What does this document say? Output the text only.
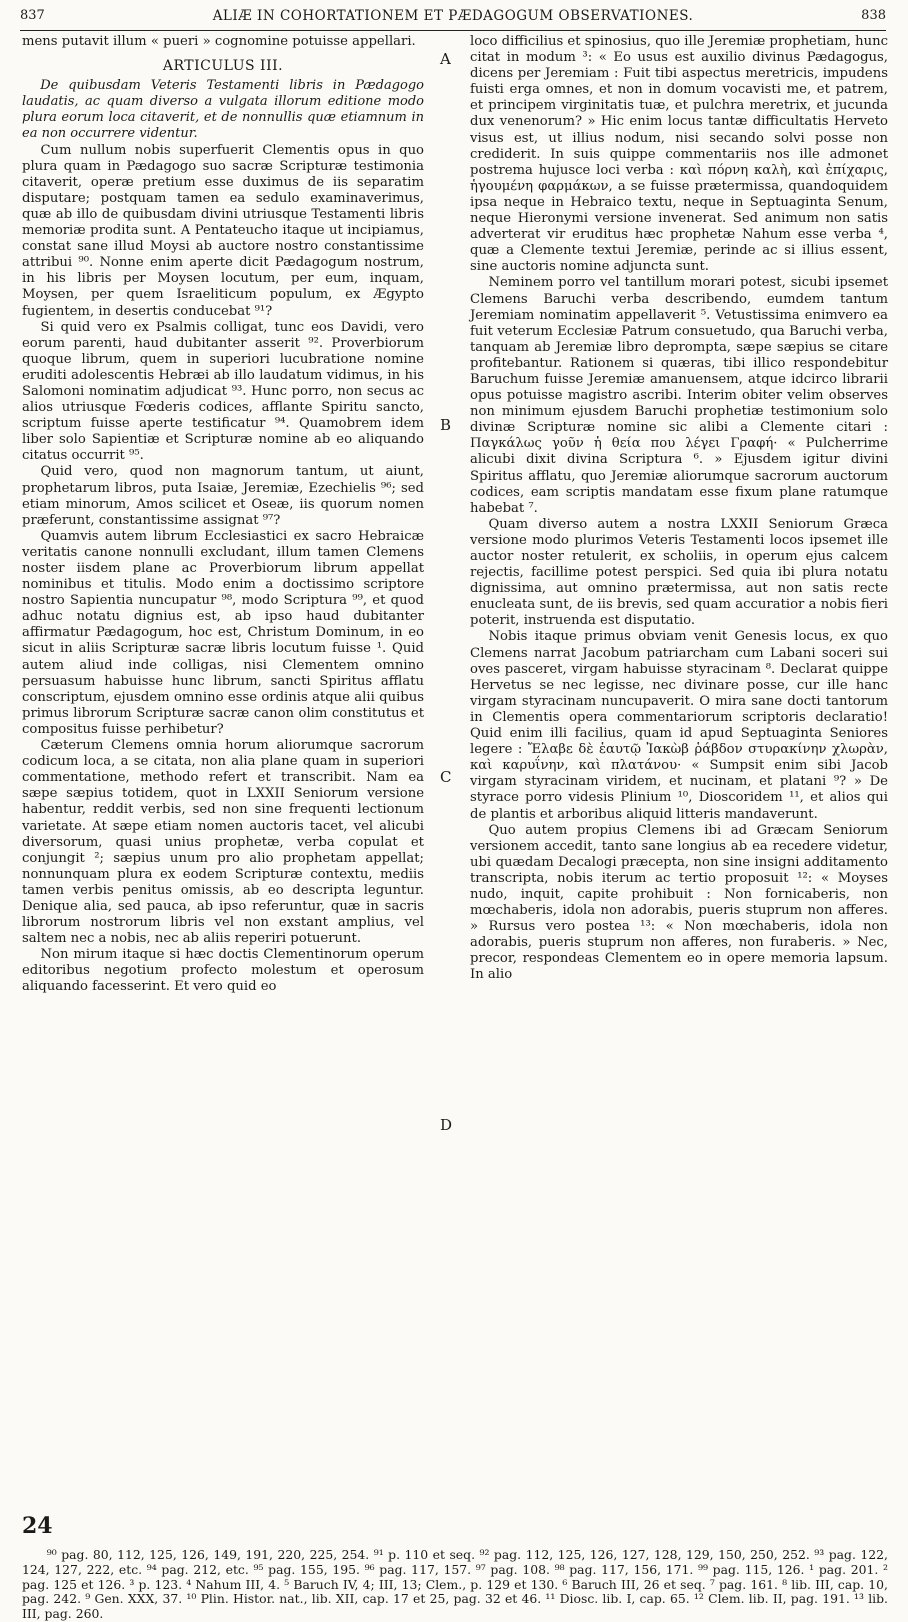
837	ALIÆ IN COHORTATIONEM ET PÆDAGOGUM OBSERVATIONES.	838

mens putavit illum « pueri » cognomine potuisse appellari.

ARTICULUS III.

De quibusdam Veteris Testamenti libris in Pædagogo laudatis, ac quam diverso a vulgata illorum editione modo plura eorum loca citaverit, et de nonnullis quæ etiamnum in ea non occurrere videntur.

Cum nullum nobis superfuerit Clementis opus in quo plura quam in Pædagogo suo sacræ Scripturæ testimonia citaverit, operæ pretium esse duximus de iis separatim disputare; postquam tamen ea sedulo examinaverimus, quæ ab illo de quibusdam divini utriusque Testamenti libris memoriæ prodita sunt. A Pentateucho itaque ut incipiamus, constat sane illud Moysi ab auctore nostro constantissime attribui ⁹⁰. Nonne enim aperte dicit Pædagogum nostrum, in his libris per Moysen locutum, per eum, inquam, Moysen, per quem Israeliticum populum, ex Ægypto fugientem, in desertis conducebat ⁹¹?

Si quid vero ex Psalmis colligat, tunc eos Davidi, vero eorum parenti, haud dubitanter asserit ⁹². Proverbiorum quoque librum, quem in superiori lucubratione nomine eruditi adolescentis Hebræi ab illo laudatum vidimus, in his Salomoni nominatim adjudicat ⁹³. Hunc porro, non secus ac alios utriusque Fœderis codices, afflante Spiritu sancto, scriptum fuisse aperte testificatur ⁹⁴. Quamobrem idem liber solo Sapientiæ et Scripturæ nomine ab eo aliquando citatus occurrit ⁹⁵.

Quid vero, quod non magnorum tantum, ut aiunt, prophetarum libros, puta Isaiæ, Jeremiæ, Ezechielis ⁹⁶; sed etiam minorum, Amos scilicet et Oseæ, iis quorum nomen præferunt, constantissime assignat ⁹⁷?

Quamvis autem librum Ecclesiastici ex sacro Hebraicæ veritatis canone nonnulli excludant, illum tamen Clemens noster iisdem plane ac Proverbiorum librum appellat nominibus et titulis. Modo enim a doctissimo scriptore nostro Sapientia nuncupatur ⁹⁸, modo Scriptura ⁹⁹, et quod adhuc notatu dignius est, ab ipso haud dubitanter affirmatur Pædagogum, hoc est, Christum Dominum, in eo sicut in aliis Scripturæ sacræ libris locutum fuisse ¹. Quid autem aliud inde colligas, nisi Clementem omnino persuasum habuisse hunc librum, sancti Spiritus afflatu conscriptum, ejusdem omnino esse ordinis atque alii quibus primus librorum Scripturæ sacræ canon olim constitutus et compositus fuisse perhibetur?

Cæterum Clemens omnia horum aliorumque sacrorum codicum loca, a se citata, non alia plane quam in superiori commentatione, methodo refert et transcribit. Nam ea sæpe sæpius totidem, quot in LXXII Seniorum versione habentur, reddit verbis, sed non sine frequenti lectionum varietate. At sæpe etiam nomen auctoris tacet, vel alicubi diversorum, quasi unius prophetæ, verba copulat et conjungit ²; sæpius unum pro alio prophetam appellat; nonnunquam plura ex eodem Scripturæ contextu, mediis tamen verbis penitus omissis, ab eo descripta leguntur. Denique alia, sed pauca, ab ipso referuntur, quæ in sacris librorum nostrorum libris vel non exstant amplius, vel saltem nec a nobis, nec ab aliis reperiri potuerunt.

Non mirum itaque si hæc doctis Clementinorum operum editoribus negotium profecto molestum et operosum aliquando facesserint. Et vero quid eo

loco difficilius et spinosius, quo ille Jeremiæ prophetiam, hunc citat in modum ³: « Eo usus est auxilio divinus Pædagogus, dicens per Jeremiam : Fuit tibi aspectus meretricis, impudens fuisti erga omnes, et non in domum vocavisti me, et patrem, et principem virginitatis tuæ, et pulchra meretrix, et jucunda dux venenorum? » Hic enim locus tantæ difficultatis Herveto visus est, ut illius nodum, nisi secando solvi posse non crediderit. In suis quippe commentariis nos ille admonet postrema hujusce loci verba : καὶ πόρνη καλὴ, καὶ ἐπίχαρις, ἡγουμένη φαρμάκων, a se fuisse prætermissa, quandoquidem ipsa neque in Hebraico textu, neque in Septuaginta Senum, neque Hieronymi versione invenerat. Sed animum non satis adverterat vir eruditus hæc prophetæ Nahum esse verba ⁴, quæ a Clemente textui Jeremiæ, perinde ac si illius essent, sine auctoris nomine adjuncta sunt.

Neminem porro vel tantillum morari potest, sicubi ipsemet Clemens Baruchi verba describendo, eumdem tantum Jeremiam nominatim appellaverit ⁵. Vetustissima enimvero ea fuit veterum Ecclesiæ Patrum consuetudo, qua Baruchi verba, tanquam ab Jeremiæ libro deprompta, sæpe sæpius se citare profitebantur. Rationem si quæras, tibi illico respondebitur Baruchum fuisse Jeremiæ amanuensem, atque idcirco librarii opus potuisse magistro ascribi. Interim obiter velim observes non minimum ejusdem Baruchi prophetiæ testimonium solo divinæ Scripturæ nomine sic alibi a Clemente citari : Παγκάλως γοῦν ἡ θεία που λέγει Γραφή· « Pulcherrime alicubi dixit divina Scriptura ⁶. » Ejusdem igitur divini Spiritus afflatu, quo Jeremiæ aliorumque sacrorum auctorum codices, eam scriptis mandatam esse fixum plane ratumque habebat ⁷.

Quam diverso autem a nostra LXXII Seniorum Græca versione modo plurimos Veteris Testamenti locos ipsemet ille auctor noster retulerit, ex scholiis, in operum ejus calcem rejectis, facillime potest perspici. Sed quia ibi plura notatu dignissima, aut omnino prætermissa, aut non satis recte enucleata sunt, de iis brevis, sed quam accuratior a nobis fieri poterit, instruenda est disputatio.

Nobis itaque primus obviam venit Genesis locus, ex quo Clemens narrat Jacobum patriarcham cum Labani soceri sui oves pasceret, virgam habuisse styracinam ⁸. Declarat quippe Hervetus se nec legisse, nec divinare posse, cur ille hanc virgam styracinam nuncupaverit. O mira sane docti tantorum in Clementis opera commentariorum scriptoris declaratio! Quid enim illi facilius, quam id apud Septuaginta Seniores legere : Ἔλαβε δὲ ἑαυτῷ Ἰακὼβ ῥάβδον στυρακίνην χλωρὰν, καὶ καρυΐνην, καὶ πλατάνου· « Sumpsit enim sibi Jacob virgam styracinam viridem, et nucinam, et platani ⁹? » De styrace porro videsis Plinium ¹⁰, Dioscoridem ¹¹, et alios qui de plantis et arboribus aliquid litteris mandaverunt.

Quo autem propius Clemens ibi ad Græcam Seniorum versionem accedit, tanto sane longius ab ea recedere videtur, ubi quædam Decalogi præcepta, non sine insigni additamento transcripta, nobis iterum ac tertio proposuit ¹²: « Moyses nudo, inquit, capite prohibuit : Non fornicaberis, non mœchaberis, idola non adorabis, pueris stuprum non afferes. » Rursus vero postea ¹³: « Non mœchaberis, idola non adorabis, pueris stuprum non afferes, non furaberis. » Nec, precor, respondeas Clementem eo in opere memoria lapsum. In alio

A
B
C
D
24

⁹⁰ pag. 80, 112, 125, 126, 149, 191, 220, 225, 254. ⁹¹ p. 110 et seq. ⁹² pag. 112, 125, 126, 127, 128, 129, 150, 250, 252. ⁹³ pag. 122, 124, 127, 222, etc. ⁹⁴ pag. 212, etc. ⁹⁵ pag. 155, 195. ⁹⁶ pag. 117, 157. ⁹⁷ pag. 108. ⁹⁸ pag. 117, 156, 171. ⁹⁹ pag. 115, 126. ¹ pag. 201. ² pag. 125 et 126. ³ p. 123. ⁴ Nahum III, 4. ⁵ Baruch IV, 4; III, 13; Clem., p. 129 et 130. ⁶ Baruch III, 26 et seq. ⁷ pag. 161. ⁸ lib. III, cap. 10, pag. 242. ⁹ Gen. XXX, 37. ¹⁰ Plin. Histor. nat., lib. XII, cap. 17 et 25, pag. 32 et 46. ¹¹ Diosc. lib. I, cap. 65. ¹² Clem. lib. II, pag. 191. ¹³ lib. III, pag. 260.
